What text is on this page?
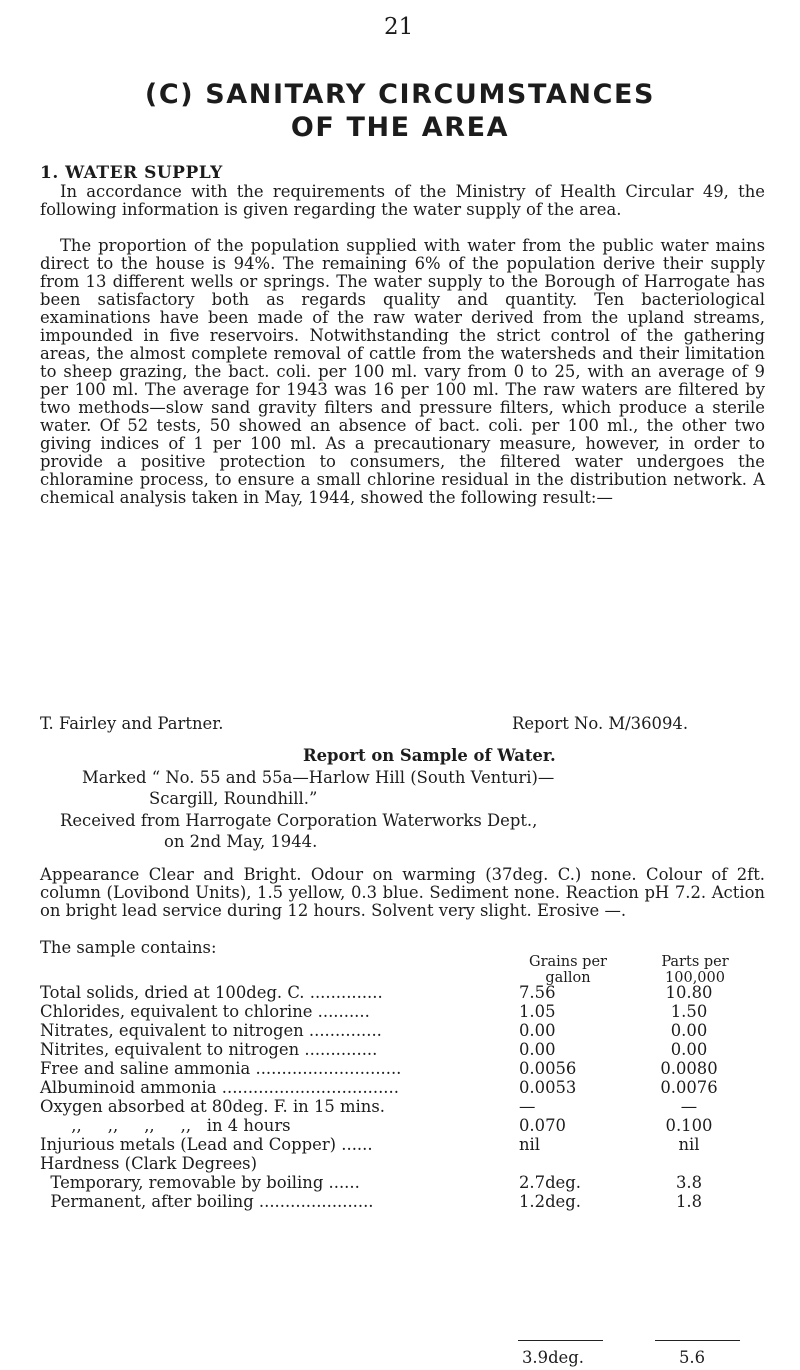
21
(C) SANITARY CIRCUMSTANCES
OF THE AREA
1. WATER SUPPLY

In accordance with the requirements of the Ministry of Health Circular 49, the following information is given regarding the water supply of the area.

The proportion of the population supplied with water from the public water mains direct to the house is 94%. The remaining 6% of the population derive their supply from 13 different wells or springs. The water supply to the Borough of Harrogate has been satisfactory both as regards quality and quantity. Ten bacteriological examinations have been made of the raw water derived from the upland streams, impounded in five reservoirs. Notwithstanding the strict control of the gathering areas, the almost complete removal of cattle from the watersheds and their limitation to sheep grazing, the bact. coli. per 100 ml. vary from 0 to 25, with an average of 9 per 100 ml. The average for 1943 was 16 per 100 ml. The raw waters are filtered by two methods—slow sand gravity filters and pressure filters, which produce a sterile water. Of 52 tests, 50 showed an absence of bact. coli. per 100 ml., the other two giving indices of 1 per 100 ml. As a precautionary measure, however, in order to provide a positive protection to consumers, the filtered water undergoes the chloramine process, to ensure a small chlorine residual in the distribution network. A chemical analysis taken in May, 1944, showed the following result:—

T. Fairley and Partner.	Report No. M/36094.
Report on Sample of Water.
Marked “ No. 55 and 55a—Harlow Hill (South Venturi)—
Scargill, Roundhill.”
Received from Harrogate Corporation Waterworks Dept.,
on 2nd May, 1944.

Appearance Clear and Bright. Odour on warming (37deg. C.) none. Colour of 2ft. column (Lovibond Units), 1.5 yellow, 0.3 blue. Sediment none. Reaction pH 7.2. Action on bright lead service during 12 hours. Solvent very slight. Erosive —.

The sample contains:
Grains per gallon
Parts per 100,000
Total solids, dried at 100deg. C. ..............	7.56	10.80
Chlorides, equivalent to chlorine ..........	1.05	1.50
Nitrates, equivalent to nitrogen ..............	0.00	0.00
Nitrites, equivalent to nitrogen ..............	0.00	0.00
Free and saline ammonia ............................	0.0056	0.0080
Albuminoid ammonia ..................................	0.0053	0.0076
Oxygen absorbed at 80deg. F. in 15 mins.	—	—
,,     ,,     ,,     ,,   in 4 hours	0.070	0.100
Injurious metals (Lead and Copper) ......	nil	nil
Hardness (Clark Degrees)		
Temporary, removable by boiling ......	2.7deg.	3.8
Permanent, after boiling ......................	1.2deg.	1.8
3.9deg.	5.6
